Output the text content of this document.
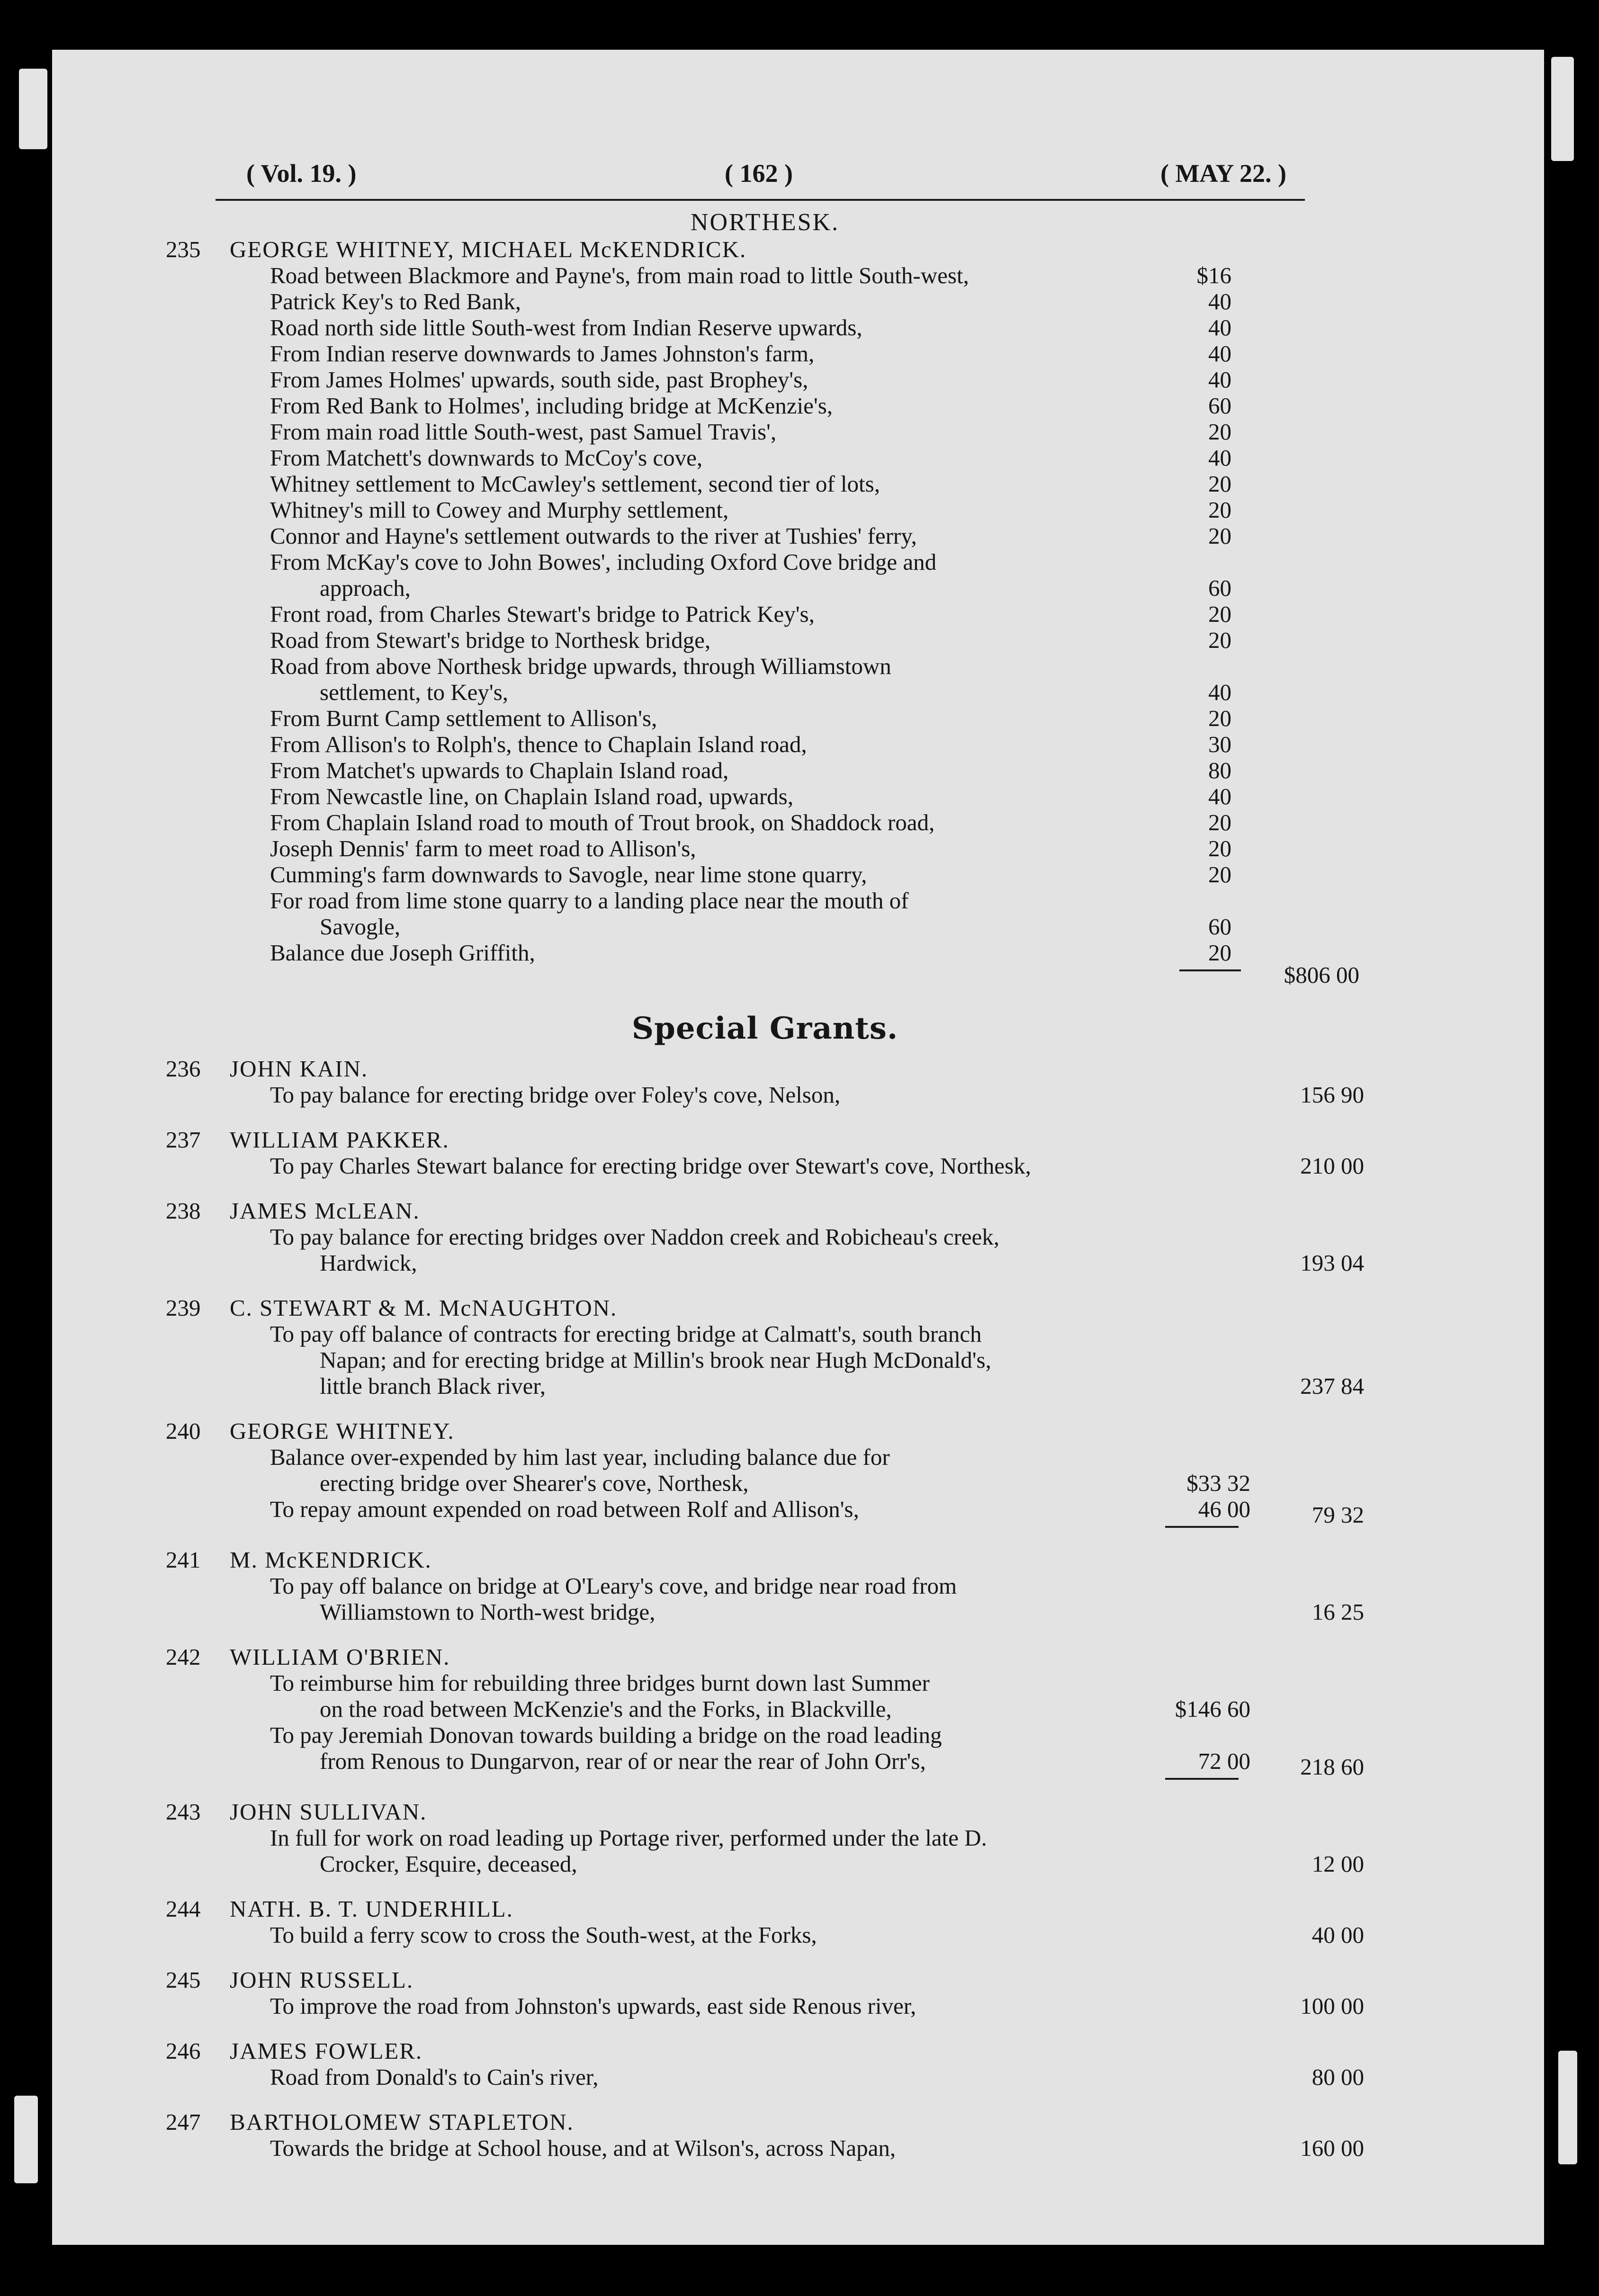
( Vol. 19. )	( 162 )	( MAY 22. )
NORTHESK.
235	GEORGE WHITNEY, MICHAEL McKENDRICK.
Road between Blackmore and Payne's, from main road to little South-west,	$16
Patrick Key's to Red Bank,	40
Road north side little South-west from Indian Reserve upwards,	40
From Indian reserve downwards to James Johnston's farm,	40
From James Holmes' upwards, south side, past Brophey's,	40
From Red Bank to Holmes', including bridge at McKenzie's,	60
From main road little South-west, past Samuel Travis',	20
From Matchett's downwards to McCoy's cove,	40
Whitney settlement to McCawley's settlement, second tier of lots,	20
Whitney's mill to Cowey and Murphy settlement,	20
Connor and Hayne's settlement outwards to the river at Tushies' ferry,	20
From McKay's cove to John Bowes', including Oxford Cove bridge and
approach,	60
Front road, from Charles Stewart's bridge to Patrick Key's,	20
Road from Stewart's bridge to Northesk bridge,	20
Road from above Northesk bridge upwards, through Williamstown
settlement, to Key's,	40
From Burnt Camp settlement to Allison's,	20
From Allison's to Rolph's, thence to Chaplain Island road,	30
From Matchet's upwards to Chaplain Island road,	80
From Newcastle line, on Chaplain Island road, upwards,	40
From Chaplain Island road to mouth of Trout brook, on Shaddock road,	20
Joseph Dennis' farm to meet road to Allison's,	20
Cumming's farm downwards to Savogle, near lime stone quarry,	20
For road from lime stone quarry to a landing place near the mouth of
Savogle,	60
Balance due Joseph Griffith,	20
$806 00
Special Grants.
236	JOHN KAIN.
To pay balance for erecting bridge over Foley's cove, Nelson,	156 90
237	WILLIAM PAKKER.
To pay Charles Stewart balance for erecting bridge over Stewart's cove, Northesk,	210 00
238	JAMES McLEAN.
To pay balance for erecting bridges over Naddon creek and Robicheau's creek,
Hardwick,	193 04
239	C. STEWART & M. McNAUGHTON.
To pay off balance of contracts for erecting bridge at Calmatt's, south branch
Napan; and for erecting bridge at Millin's brook near Hugh McDonald's,
little branch Black river,	237 84
240	GEORGE WHITNEY.
Balance over-expended by him last year, including balance due for
erecting bridge over Shearer's cove, Northesk,	$33 32
To repay amount expended on road between Rolf and Allison's,	46 00	79 32
241	M. McKENDRICK.
To pay off balance on bridge at O'Leary's cove, and bridge near road from
Williamstown to North-west bridge,	16 25
242	WILLIAM O'BRIEN.
To reimburse him for rebuilding three bridges burnt down last Summer
on the road between McKenzie's and the Forks, in Blackville,	$146 60
To pay Jeremiah Donovan towards building a bridge on the road leading
from Renous to Dungarvon, rear of or near the rear of John Orr's,	72 00	218 60
243	JOHN SULLIVAN.
In full for work on road leading up Portage river, performed under the late D.
Crocker, Esquire, deceased,	12 00
244	NATH. B. T. UNDERHILL.
To build a ferry scow to cross the South-west, at the Forks,	40 00
245	JOHN RUSSELL.
To improve the road from Johnston's upwards, east side Renous river,	100 00
246	JAMES FOWLER.
Road from Donald's to Cain's river,	80 00
247	BARTHOLOMEW STAPLETON.
Towards the bridge at School house, and at Wilson's, across Napan,	160 00
